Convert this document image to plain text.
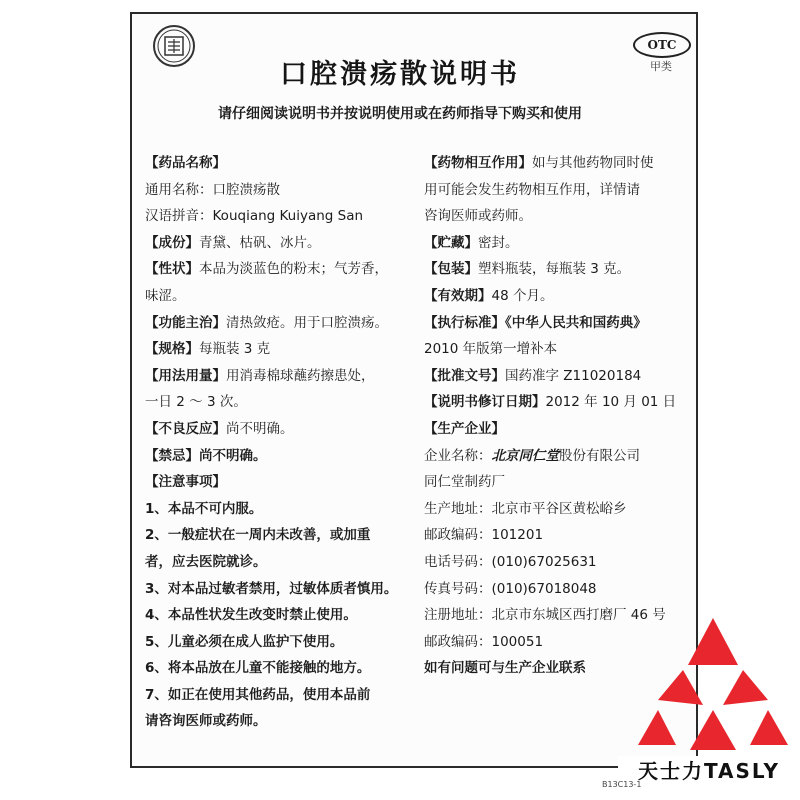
OTC
甲类
口腔溃疡散说明书
请仔细阅读说明书并按说明使用或在药师指导下购买和使用
【药品名称】
通用名称：口腔溃疡散
汉语拼音：Kouqiang Kuiyang San
【成份】青黛、枯矾、冰片。
【性状】本品为淡蓝色的粉末；气芳香，
味涩。
【功能主治】清热敛疮。用于口腔溃疡。
【规格】每瓶装 3 克
【用法用量】用消毒棉球蘸药擦患处，
一日 2 ～ 3 次。
【不良反应】尚不明确。
【禁忌】尚不明确。
【注意事项】
1、本品不可内服。
2、一般症状在一周内未改善，或加重
者，应去医院就诊。
3、对本品过敏者禁用，过敏体质者慎用。
4、本品性状发生改变时禁止使用。
5、儿童必须在成人监护下使用。
6、将本品放在儿童不能接触的地方。
7、如正在使用其他药品，使用本品前
请咨询医师或药师。
【药物相互作用】如与其他药物同时使
用可能会发生药物相互作用，详情请
咨询医师或药师。
【贮藏】密封。
【包装】塑料瓶装，每瓶装 3 克。
【有效期】48 个月。
【执行标准】《中华人民共和国药典》
2010 年版第一增补本
【批准文号】国药准字 Z11020184
【说明书修订日期】2012 年 10 月 01 日
【生产企业】
企业名称：北京同仁堂股份有限公司
同仁堂制药厂
生产地址：北京市平谷区黄松峪乡
邮政编码：101201
电话号码：(010)67025631
传真号码：(010)67018048
注册地址：北京市东城区西打磨厂 46 号
邮政编码：100051
如有问题可与生产企业联系
天士力TASLY
B13C13-1
